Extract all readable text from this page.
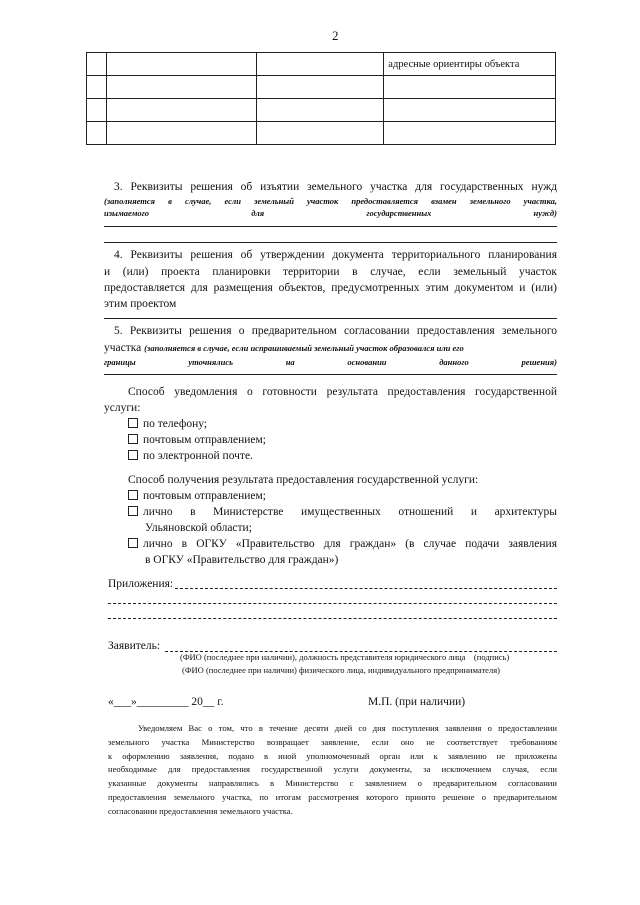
2
			адресные ориентиры объекта

3. Реквизиты решения об изъятии земельного участка для государственных нужд
(заполняется в случае, если земельный участок предоставляется взамен земельного участка,
изымаемого	для	государственных	нужд)
4. Реквизиты решения об утверждении документа территориального планирования
и (или) проекта планировки территории в случае, если земельный участок
предоставляется для размещения объектов, предусмотренных этим документом и (или)
этим проектом
5. Реквизиты решения о предварительном согласовании предоставления земельного
участка (заполняется в случае, если испрашиваемый земельный участок образовался или его
границы	уточнялись	на	основании	данного	решения)
Способ уведомления о готовности результата предоставления государственной
услуги:
по телефону;
почтовым отправлением;
по электронной почте.
Способ получения результата предоставления государственной услуги:
почтовым отправлением;
лично в Министерстве имущественных отношений и архитектуры
Ульяновской области;
лично в ОГКУ «Правительство для граждан» (в случае подачи заявления
в ОГКУ «Правительство для граждан»)
Приложения:
Заявитель:
(ФИО (последнее при наличии), должность представителя юридического лица    (подпись)
(ФИО (последнее при наличии) физического лица, индивидуального предпринимателя)
«___»_________ 20__ г.	М.П. (при наличии)
Уведомляем Вас о том, что в течение десяти дней со дня поступления заявления о предоставлении
земельного участка Министерство возвращает заявление, если оно не соответствует требованиям
к оформлению заявления, подано в иной уполномоченный орган или к заявлению не приложены
необходимые для предоставления государственной услуги документы, за исключением случая, если
указанные документы направлялись в Министерство с заявлением о предварительном согласовании
предоставления земельного участка, по итогам рассмотрения которого принято решение о предварительном
согласовании предоставления земельного участка.
